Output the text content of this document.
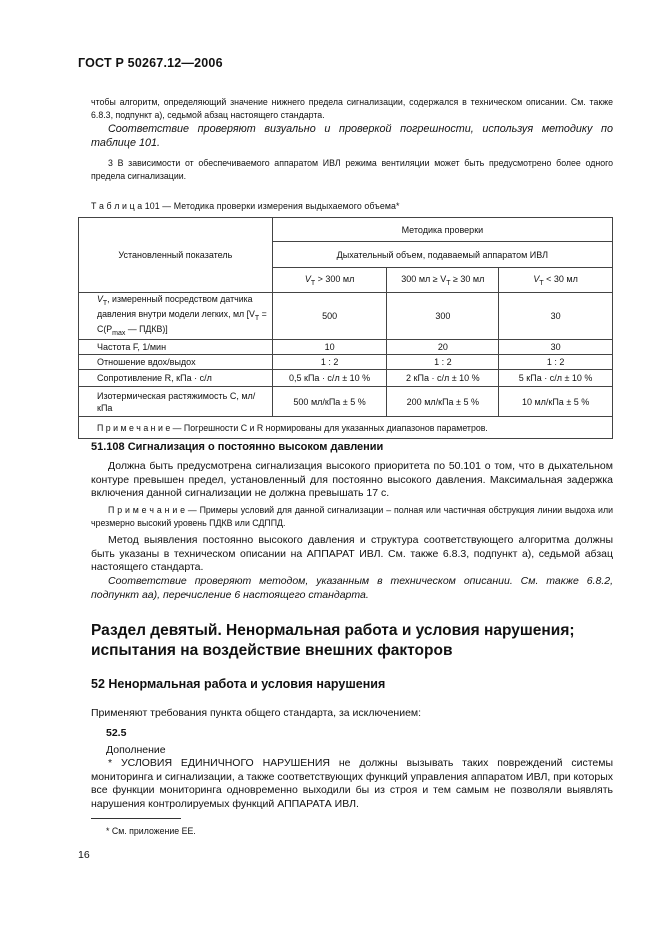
ГОСТ Р 50267.12—2006

чтобы алгоритм, определяющий значение нижнего предела сигнализации, содержался в техническом описании. См. также 6.8.3, подпункт а), седьмой абзац настоящего стандарта.

Соответствие проверяют визуально и проверкой погрешности, используя методику по таблице 101.

3 В зависимости от обеспечиваемого аппаратом ИВЛ режима вентиляции может быть предусмотрено более одного предела сигнализации.

Т а б л и ц а 101 — Методика проверки измерения выдыхаемого объема*
Установленный показатель	Методика проверки		
	Дыхательный объем, подаваемый аппаратом ИВЛ		
	$V_T > 300$ мл	300 мл ≥ $V_T \ge 30$ мл	$V_T < 30$ мл
$V_T$, измеренный посредством датчика давления внутри модели легких, мл [$V_T = C(P_{max}$ — ПДКВ)]	500	300	30
Частота F, 1/мин	10	20	30
Отношение вдох/выдох	1 : 2	1 : 2	1 : 2
Сопротивление R, кПа · с/л	0,5 кПа · с/л ± 10 %	2 кПа · с/л ± 10 %	5 кПа · с/л ± 10 %
Изотермическая растяжимость C, мл/кПа	500 мл/кПа ± 5 %	200 мл/кПа ± 5 %	10 мл/кПа ± 5 %
П р и м е ч а н и е — Погрешности C и R нормированы для указанных диапазонов параметров.			
51.108 Сигнализация о постоянно высоком давлении

Должна быть предусмотрена сигнализация высокого приоритета по 50.101 о том, что в дыхательном контуре превышен предел, установленный для постоянно высокого давления. Максимальная задержка включения данной сигнализации не должна превышать 17 с.

П р и м е ч а н и е — Примеры условий для данной сигнализации – полная или частичная обструкция линии выдоха или чрезмерно высокий уровень ПДКВ или СДППД.

Метод выявления постоянно высокого давления и структура соответствующего алгоритма должны быть указаны в техническом описании на АППАРАТ ИВЛ. См. также 6.8.3, подпункт а), седьмой абзац настоящего стандарта.

Соответствие проверяют методом, указанным в техническом описании. См. также 6.8.2, подпункт аа), перечисление 6 настоящего стандарта.

Раздел девятый. Ненормальная работа и условия нарушения; испытания на воздействие внешних факторов
52 Ненормальная работа и условия нарушения

Применяют требования пункта общего стандарта, за исключением:

52.5
Дополнение

* УСЛОВИЯ ЕДИНИЧНОГО НАРУШЕНИЯ не должны вызывать таких повреждений системы мониторинга и сигнализации, а также соответствующих функций управления аппаратом ИВЛ, при которых все функции мониторинга одновременно выходили бы из строя и тем самым не позволяли выявлять нарушения контролируемых функций АППАРАТА ИВЛ.

* См. приложение ЕЕ.
16
